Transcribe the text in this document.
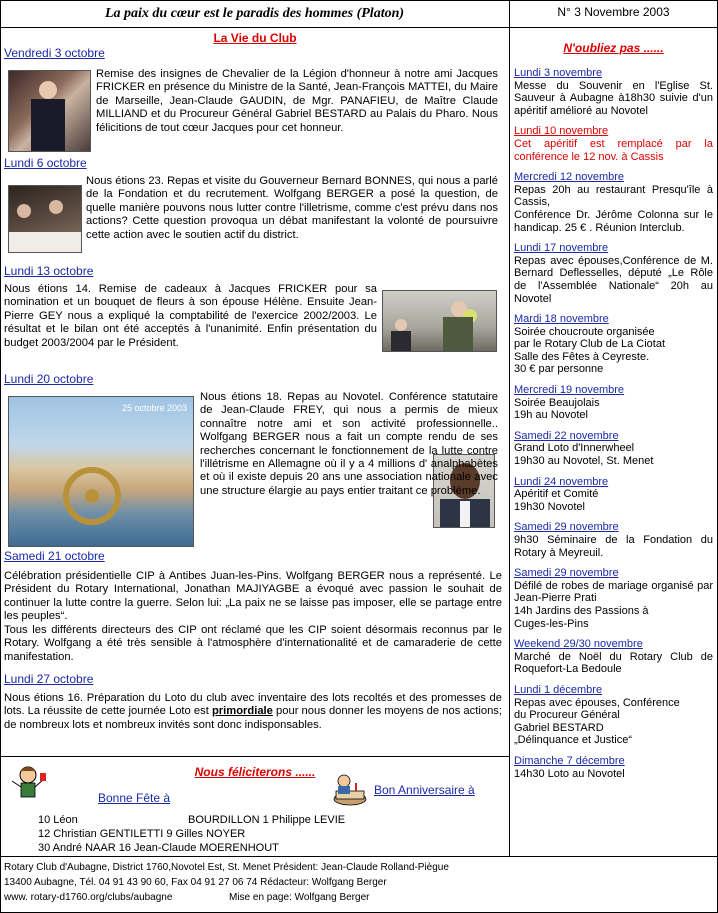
La paix du cœur est le paradis des hommes (Platon)	N° 3 Novembre 2003
La Vie du Club
Vendredi 3 octobre
Remise des insignes de Chevalier de la Légion d'honneur à notre ami Jacques FRICKER en présence du Ministre de la Santé, Jean-François MATTEI, du Maire de Marseille, Jean-Claude GAUDIN, de Mgr. PANAFIEU, de Maître Claude MILLIAND et du Procureur Général Gabriel BESTARD au Palais du Pharo. Nous félicitions de tout cœur Jacques pour cet honneur.
Lundi 6 octobre
Nous étions 23. Repas et visite du Gouverneur Bernard BONNES, qui nous a parlé de la Fondation et du recrutement. Wolfgang BERGER a posé la question, de quelle manière pouvons nous lutter contre l'illetrisme, comme c'est prévu dans nos actions? Cette question provoqua un débat manifestant la volonté de poursuivre cette action avec le soutien actif du district.
Lundi 13 octobre
Nous étions 14. Remise de cadeaux à Jacques FRICKER pour sa nomination et un bouquet de fleurs à son épouse Hélène. Ensuite Jean-Pierre GEY nous a expliqué la comptabilité de l'exercice 2002/2003. Le résultat et le bilan ont été acceptés à l'unanimité. Enfin présentation du budget 2003/2004 par le Président.
Lundi 20 octobre
25 octobre 2003
Nous étions 18. Repas au Novotel. Conférence statutaire de Jean-Claude FREY, qui nous a permis de mieux connaître notre ami et son activité professionnelle.. Wolfgang BERGER nous a fait un compte rendu de ses recherches concernant le fonctionnement de la lutte contre l'illétrisme en Allemagne où il y a 4 millions d' analphabètes et où il existe depuis 20 ans une association nationale avec une structure élargie au pays entier traitant ce problème.
Samedi 21 octobre
Célébration présidentielle CIP à Antibes Juan-les-Pins. Wolfgang BERGER nous a représenté. Le Président du Rotary International, Jonathan MAJIYAGBE a évoqué avec passion le souhait de continuer la lutte contre la guerre. Selon lui: „La paix ne se laisse pas imposer, elle se partage entre les peuples“.
Tous les différents directeurs des CIP ont réclamé que les CIP soient désormais reconnus par le Rotary. Wolfgang a été très sensible à l'atmosphère d'internationalité et de camaraderie de cette manifestation.
Lundi 27 octobre
Nous étions 16. Préparation du Loto du club avec inventaire des lots recoltés et des promesses de lots. La réussite de cette journée Loto est primordiale pour nous donner les moyens de nos actions; de nombreux lots et nombreux invités sont donc indisponsables.
Nous féliciterons ......
Bonne Fête à
Bon Anniversaire à
10 Léon	BOURDILLON 1 Philippe LEVIE
12 Christian GENTILETTI 9 Gilles NOYER
30 André NAAR 16 Jean-Claude MOERENHOUT
N'oubliez pas ......
Lundi 3 novembre
Messe du Souvenir en l'Eglise St. Sauveur à Aubagne à18h30 suivie d'un apéritif amélioré au Novotel
Lundi 10 novembre
Cet apéritif est remplacé par la conférence le 12 nov. à Cassis
Mercredi 12 novembre
Repas 20h au restaurant Presqu'île à Cassis,
Conférence Dr. Jérôme Colonna sur le handicap. 25 € . Réunion Interclub.
Lundi 17 novembre
Repas avec épouses,Conférence de M. Bernard Deflesselles, député „Le Rôle de l'Assemblée Nationale“ 20h au Novotel
Mardi 18 novembre
Soirée choucroute organisée
par le Rotary Club de La Ciotat
Salle des Fêtes à Ceyreste.
30 € par personne
Mercredi 19 novembre
Soirée Beaujolais
19h au Novotel
Samedi 22 novembre
Grand Loto d'Innerwheel
19h30 au Novotel, St. Menet
Lundi 24 novembre
Apéritif et Comité
19h30 Novotel
Samedi 29 novembre
9h30 Séminaire de la Fondation du Rotary à Meyreuil.
Samedi 29 novembre
Défilé de robes de mariage organisé par Jean-Pierre Prati
14h Jardins des Passions à
Cuges-les-Pins
Weekend 29/30 novembre
Marché de Noël du Rotary Club de Roquefort-La Bedoule
Lundi 1 décembre
Repas avec épouses, Conférence
du Procureur Général
Gabriel BESTARD
„Délinquance et Justice“
Dimanche 7 décembre
14h30 Loto au Novotel
Rotary Club d'Aubagne, District 1760,Novotel Est, St. Menet Président: Jean-Claude Rolland-Piègue
13400 Aubagne, Tél. 04 91 43 90 60, Fax 04 91 27 06 74 Rédacteur: Wolfgang Berger
www. rotary-d1760.org/clubs/aubagne	Mise en page: Wolfgang Berger
